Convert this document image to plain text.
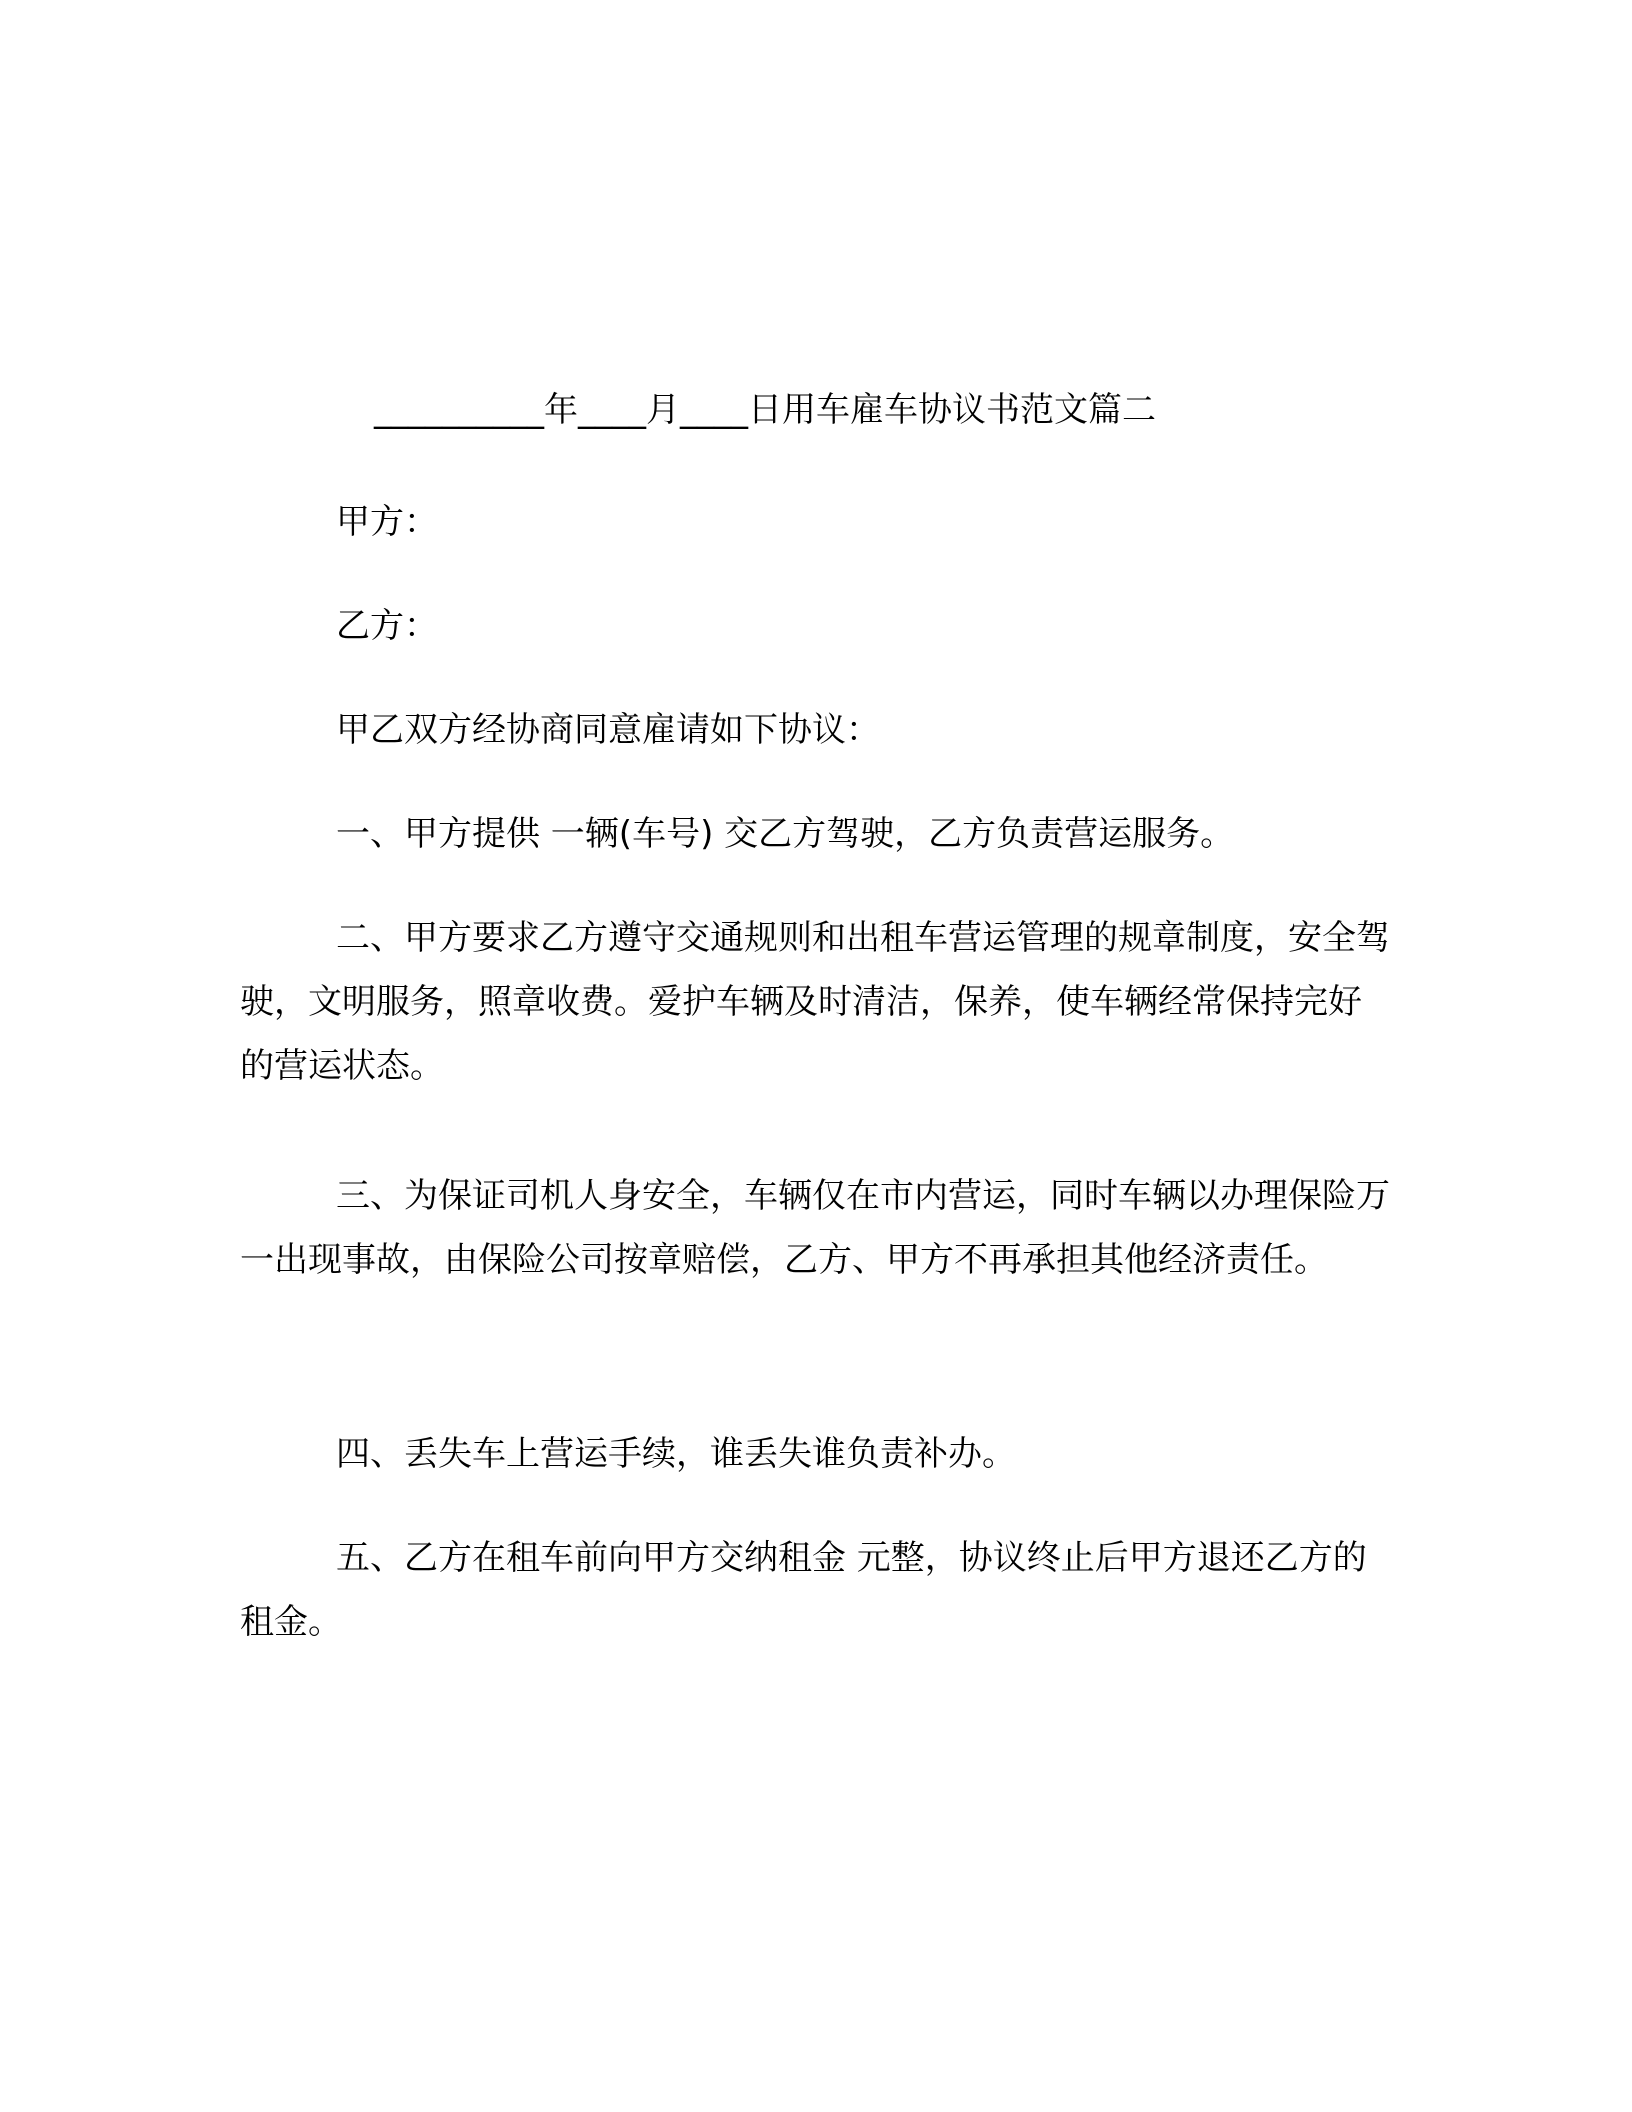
__________年____月____日用车雇车协议书范文篇二
甲方：
乙方：
甲乙双方经协商同意雇请如下协议：
一、甲方提供 一辆(车号) 交乙方驾驶，乙方负责营运服务。
二、甲方要求乙方遵守交通规则和出租车营运管理的规章制度，安全驾驶，文明服务，照章收费。爱护车辆及时清洁，保养，使车辆经常保持完好的营运状态。
三、为保证司机人身安全，车辆仅在市内营运，同时车辆以办理保险万一出现事故，由保险公司按章赔偿，乙方、甲方不再承担其他经济责任。
四、丢失车上营运手续，谁丢失谁负责补办。
五、乙方在租车前向甲方交纳租金 元整，协议终止后甲方退还乙方的租金。
